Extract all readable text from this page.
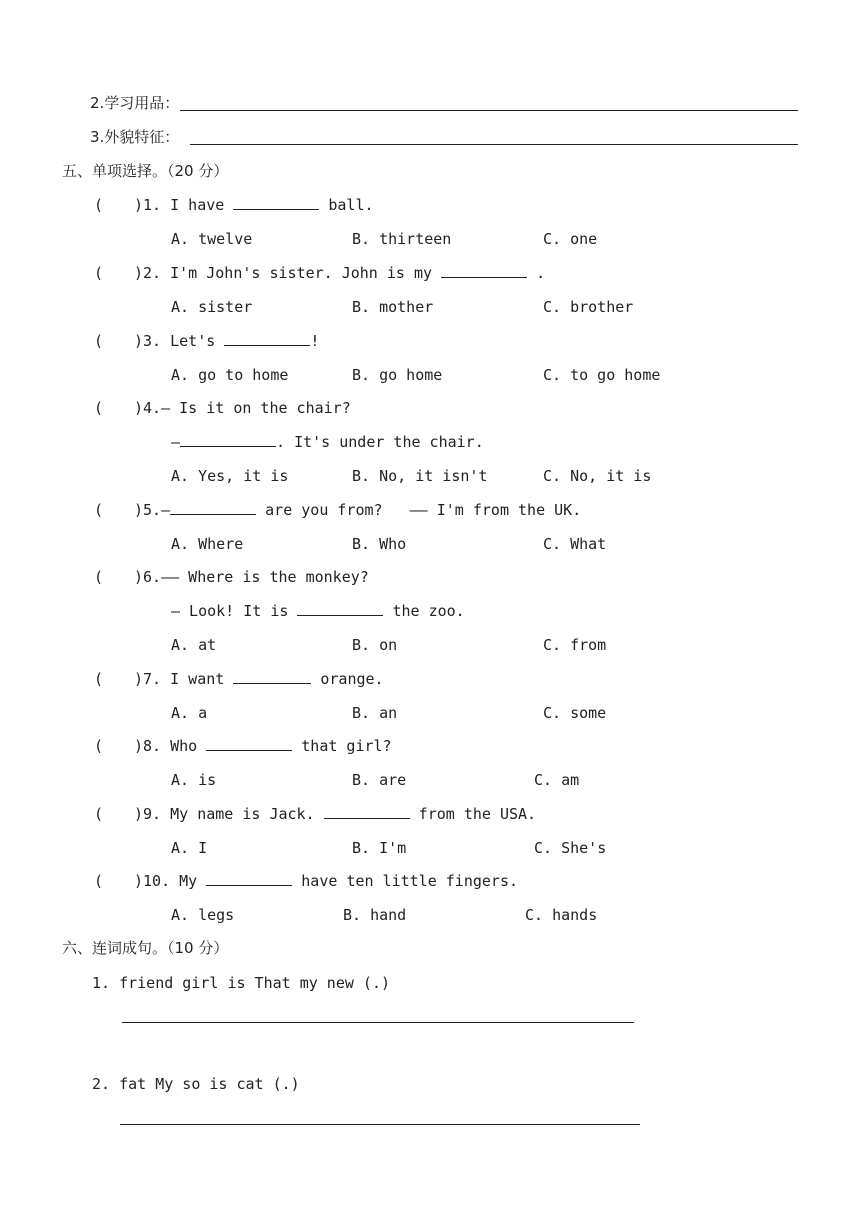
2.学习用品：
3.外貌特征：
五、单项选择。（20 分）
( )1. I have	ball.
A. twelve	B. thirteen	C. one
( )2. I'm John's sister. John is my	.
A. sister	B. mother	C. brother
( )3. Let's	!
A. go to home	B. go home	C. to go home
( )4.— Is it on the chair?
—	. It's under the chair.
A. Yes, it is	B. No, it isn't	C. No, it is
( )5.—	are you from?   —— I'm from the UK.
A. Where	B. Who	C. What
( )6.—— Where is the monkey?
— Look! It is	the zoo.
A. at	B. on	C. from
( )7. I want	orange.
A. a	B. an	C. some
( )8. Who	that girl?
A. is	B. are	C. am
( )9. My name is Jack.	from the USA.
A. I	B. I'm	C. She's
( )10. My	have ten little fingers.
A. legs	B. hand	C. hands
六、连词成句。（10 分）
1. friend girl is That my new (.)
2. fat My so is cat (.)
